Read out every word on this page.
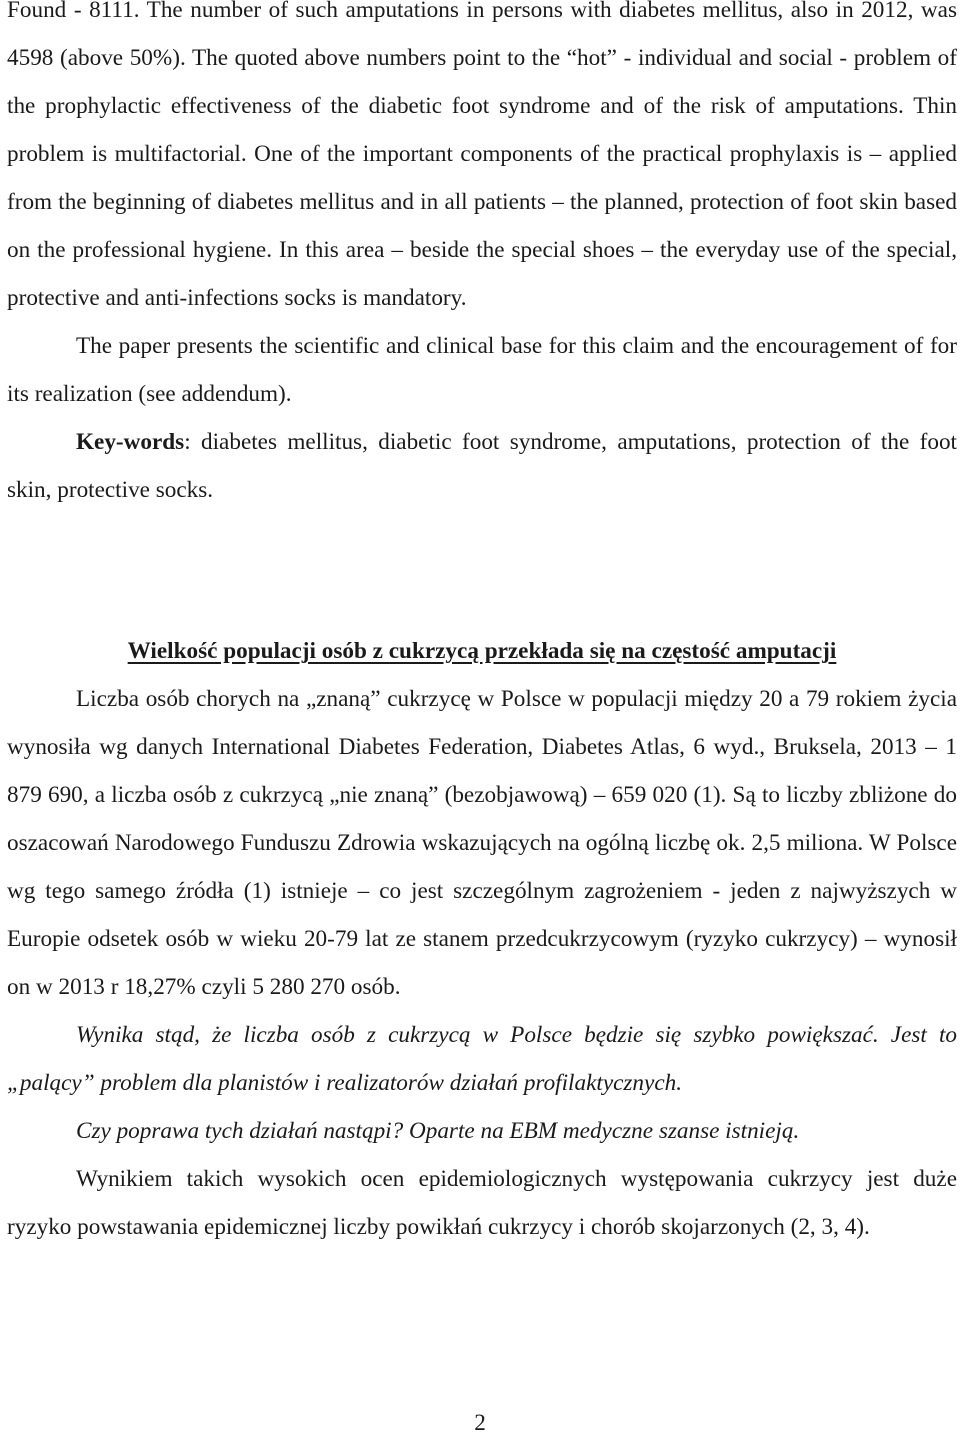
Found - 8111. The number of such amputations in persons with diabetes mellitus, also in 2012, was 4598 (above 50%). The quoted above numbers point to the “hot” - individual and social - problem of the prophylactic effectiveness of the diabetic foot syndrome and of the risk of amputations. Thin problem is multifactorial. One of the important components of the practical prophylaxis is – applied from the beginning of diabetes mellitus and in all patients – the planned, protection of foot skin based on the professional hygiene. In this area – beside the special shoes – the everyday use of the special, protective and anti-infections socks is mandatory.

The paper presents the scientific and clinical base for this claim and the encouragement of for its realization (see addendum).

Key-words: diabetes mellitus, diabetic foot syndrome, amputations, protection of the foot skin, protective socks.

Wielkość populacji osób z cukrzycą przekłada się na częstość amputacji

Liczba osób chorych na „znaną” cukrzycę w Polsce w populacji między 20 a 79 rokiem życia wynosiła wg danych International Diabetes Federation, Diabetes Atlas, 6 wyd., Bruksela, 2013 – 1 879 690, a liczba osób z cukrzycą „nie znaną” (bezobjawową) – 659 020 (1). Są to liczby zbliżone do oszacowań Narodowego Funduszu Zdrowia wskazujących na ogólną liczbę ok. 2,5 miliona. W Polsce wg tego samego źródła (1) istnieje – co jest szczególnym zagrożeniem - jeden z najwyższych w Europie odsetek osób w wieku 20-79 lat ze stanem przedcukrzycowym (ryzyko cukrzycy) – wynosił on w 2013 r 18,27% czyli 5 280 270 osób.

Wynika stąd, że liczba osób z cukrzycą w Polsce będzie się szybko powiększać. Jest to „palący” problem dla planistów i realizatorów działań profilaktycznych.

Czy poprawa tych działań nastąpi? Oparte na EBM medyczne szanse istnieją.

Wynikiem takich wysokich ocen epidemiologicznych występowania cukrzycy jest duże ryzyko powstawania epidemicznej liczby powikłań cukrzycy i chorób skojarzonych (2, 3, 4).

2
